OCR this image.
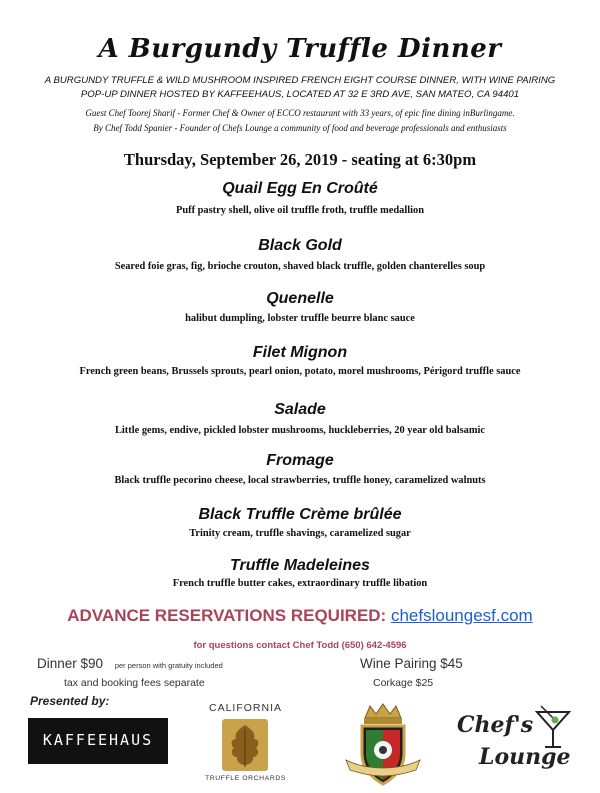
A Burgundy Truffle Dinner
A BURGUNDY TRUFFLE & WILD MUSHROOM INSPIRED FRENCH EIGHT COURSE DINNER, WITH WINE PAIRING
POP-UP DINNER HOSTED BY KAFFEEHAUS, LOCATED AT 32 E 3RD AVE, SAN MATEO, CA 94401
Guest Chef Toorej Sharif - Former Chef & Owner of ECCO restaurant with 33 years, of epic fine dining inBurlingame.
By Chef Todd Spanier - Founder of Chefs Lounge a community of food and beverage professionals and enthusiasts
Thursday, September 26, 2019 - seating at 6:30pm
Quail Egg En Croûté
Puff pastry shell, olive oil truffle froth, truffle medallion
Black Gold
Seared foie gras, fig, brioche crouton, shaved black truffle, golden chanterelles soup
Quenelle
halibut dumpling, lobster truffle beurre blanc sauce
Filet Mignon
French green beans, Brussels sprouts, pearl onion, potato, morel mushrooms, Périgord truffle sauce
Salade
Little gems, endive, pickled lobster mushrooms, huckleberries, 20 year old balsamic
Fromage
Black truffle pecorino cheese, local strawberries, truffle honey, caramelized walnuts
Black Truffle Crème brûlée
Trinity cream, truffle shavings, caramelized sugar
Truffle Madeleines
French truffle butter cakes, extraordinary truffle libation
ADVANCE RESERVATIONS REQUIRED: chefsloungesf.com
for questions contact Chef Todd (650) 642-4596
Dinner $90 per person with gratuity included
tax and booking fees separate
Wine Pairing $45
Corkage $25
Presented by:
KAFFEEHAUS
CALIFORNIA
TRUFFLE ORCHARDS
Chef's
Lounge
